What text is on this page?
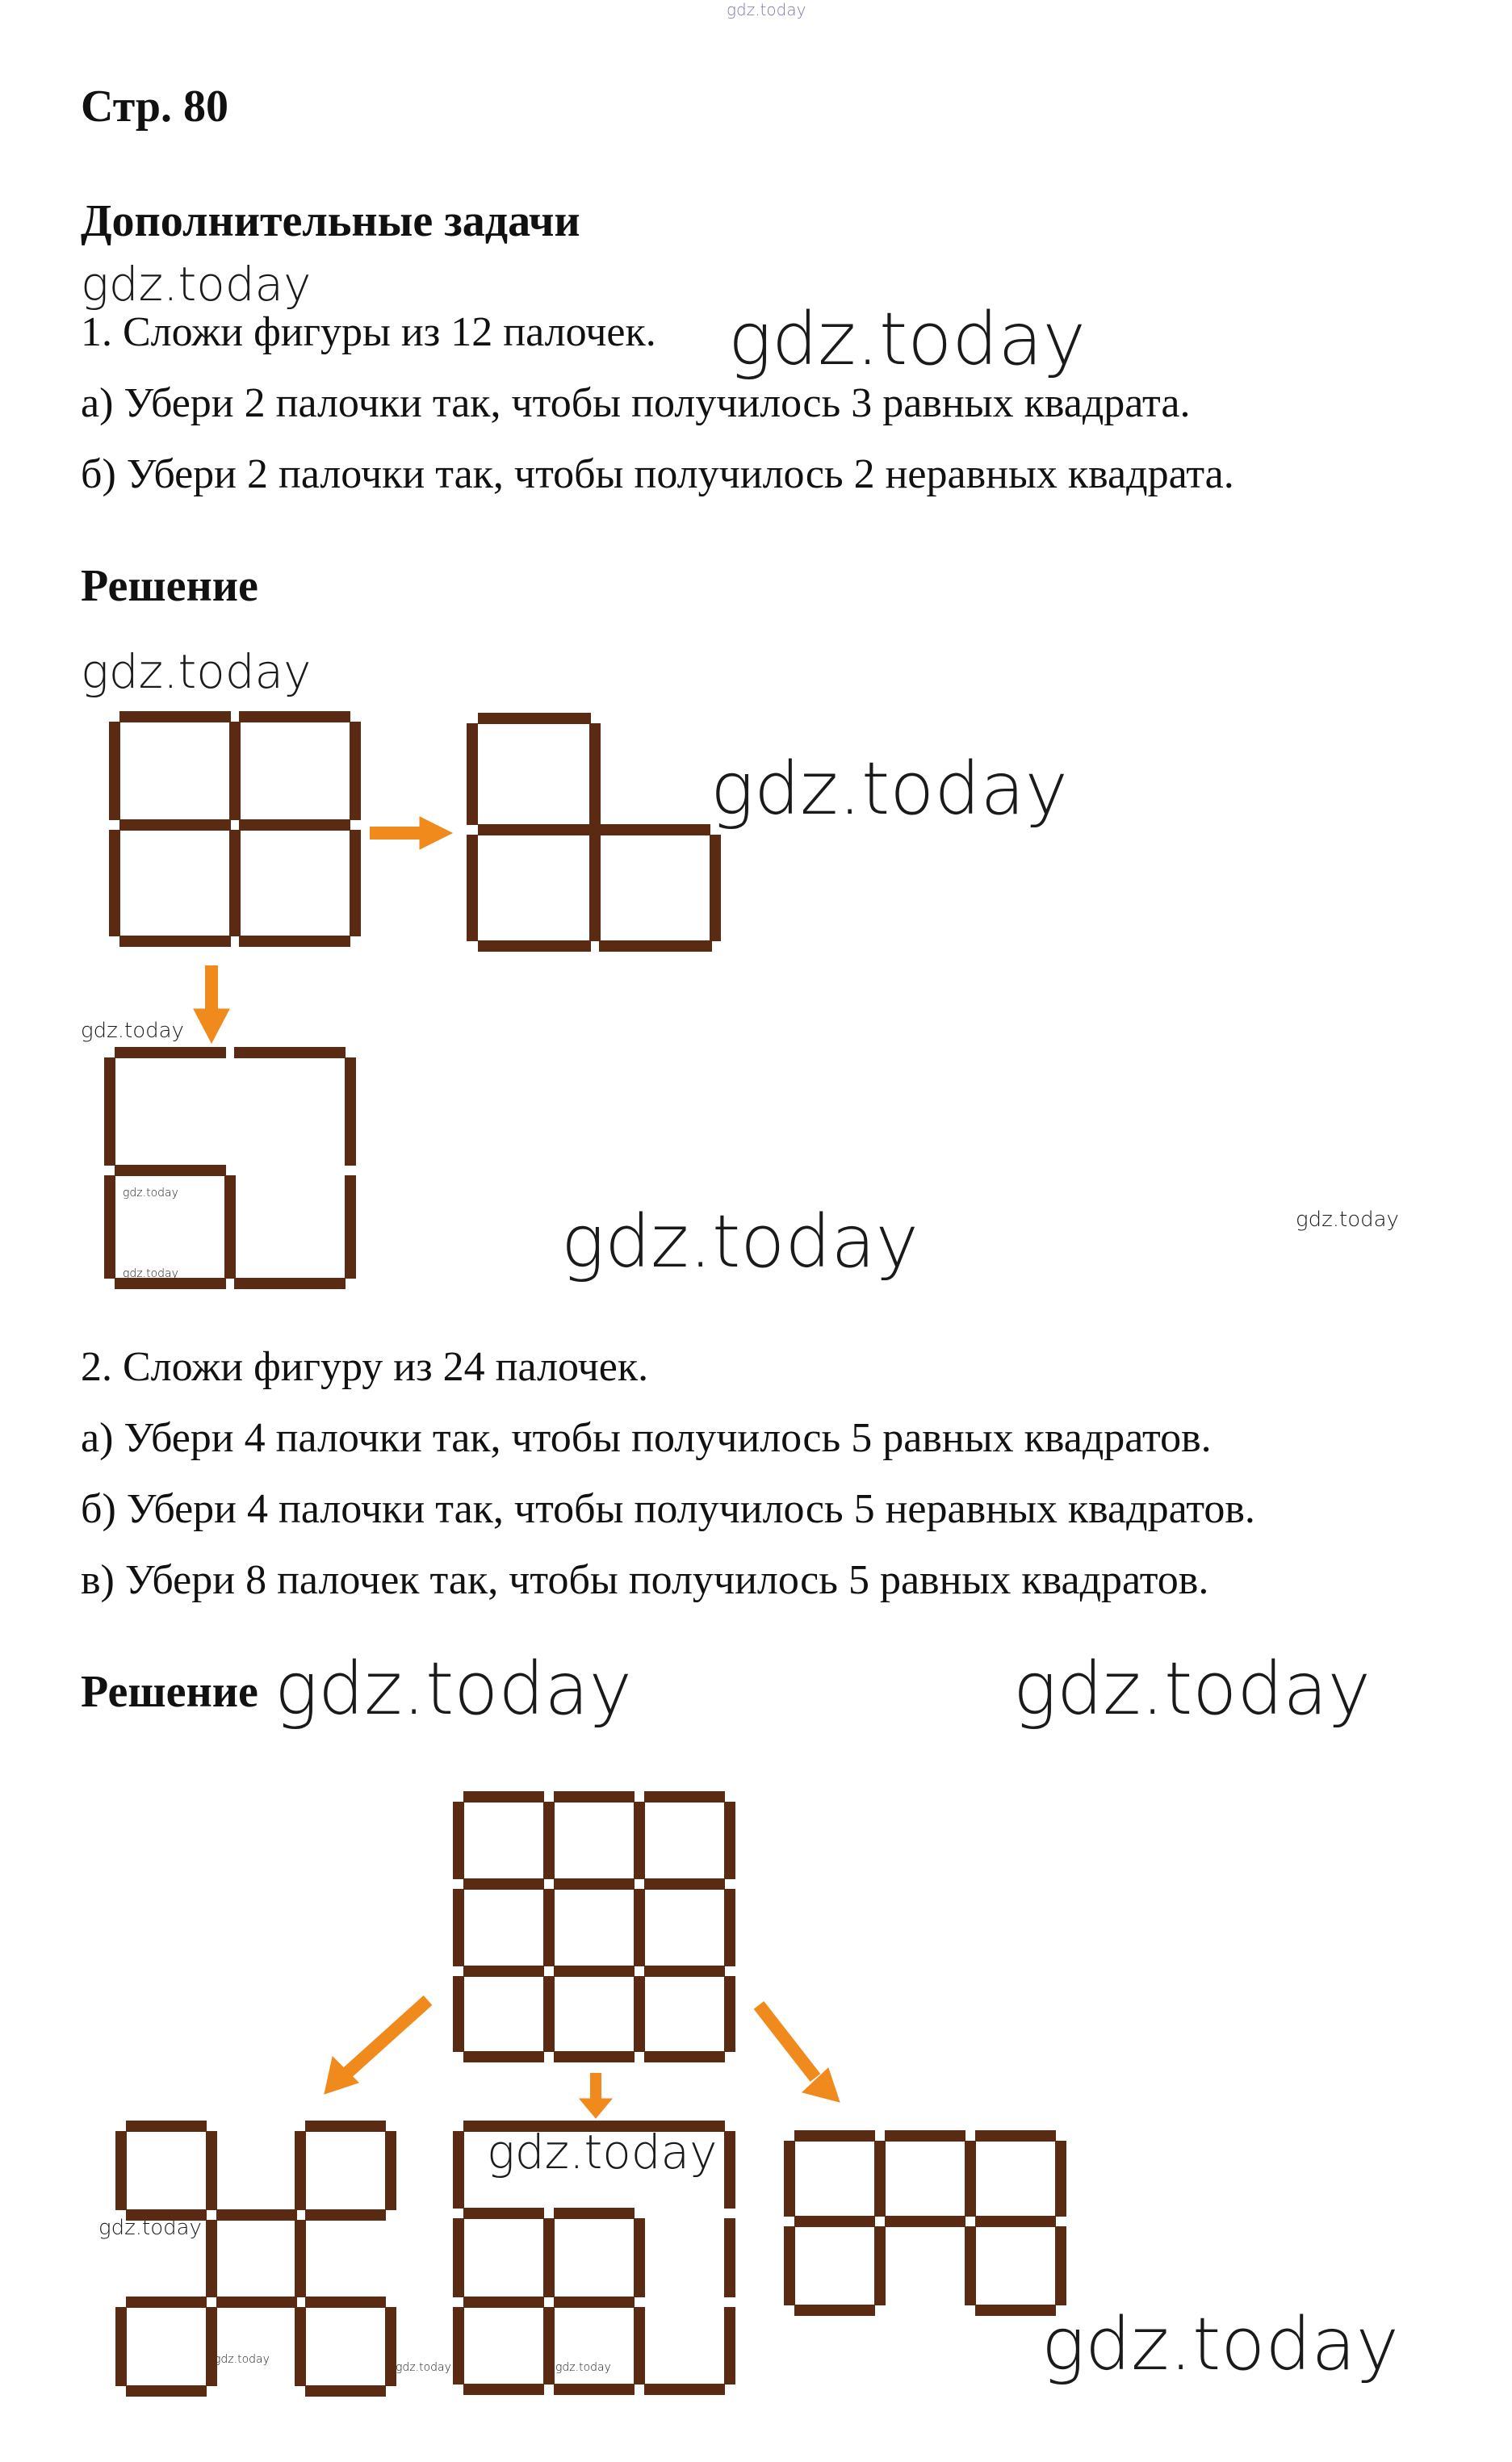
gdz.today
Стр. 80
Дополнительные задачи
gdz.today
1. Сложи фигуры из 12 палочек. gdz.today
а) Убери 2 палочки так, чтобы получилось 3 равных квадрата.
б) Убери 2 палочки так, чтобы получилось 2 неравных квадрата.
Решение
gdz.today
gdz.today
gdz.today
gdz.today
gdz.today	gdz.today	gdz.today
2. Сложи фигуру из 24 палочек.
а) Убери 4 палочки так, чтобы получилось 5 равных квадратов.
б) Убери 4 палочки так, чтобы получилось 5 неравных квадратов.
в) Убери 8 палочек так, чтобы получилось 5 равных квадратов.
Решение gdz.today	gdz.today
gdz.today
gdz.today
gdz.today
gdz.today	gdz.today	gdz.today
